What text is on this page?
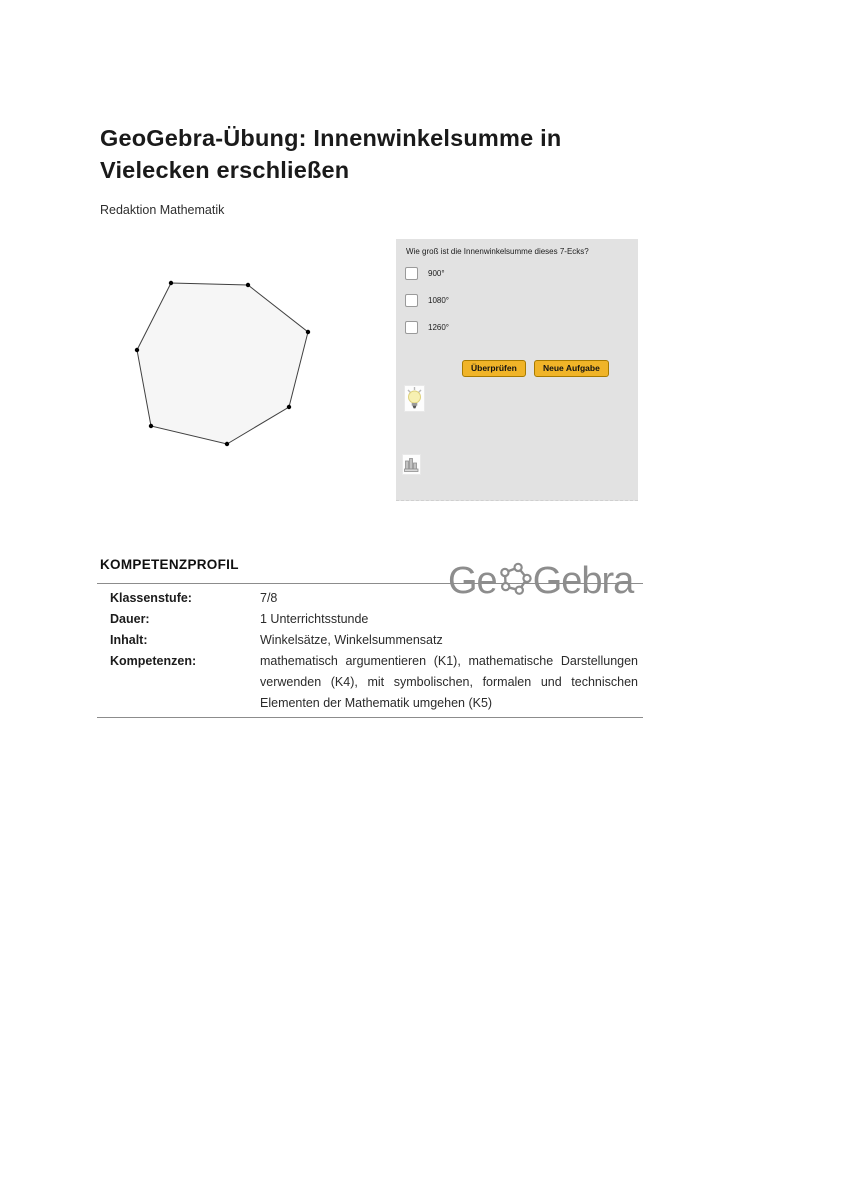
GeoGebra-Übung: Innenwinkelsumme in
Vielecken erschließen
Redaktion Mathematik
Wie groß ist die Innenwinkelsumme dieses 7-Ecks?
900°
1080°
1260°
Überprüfen	Neue Aufgabe
KOMPETENZPROFIL
Klassenstufe:	7/8
Dauer:	1 Unterrichtsstunde
Inhalt:	Winkelsätze, Winkelsummensatz
Kompetenzen:	mathematisch argumentieren (K1), mathematische Darstellungen verwenden (K4), mit symbolischen, formalen und technischen Elementen der Mathematik umgehen (K5)
Ge Gebra
